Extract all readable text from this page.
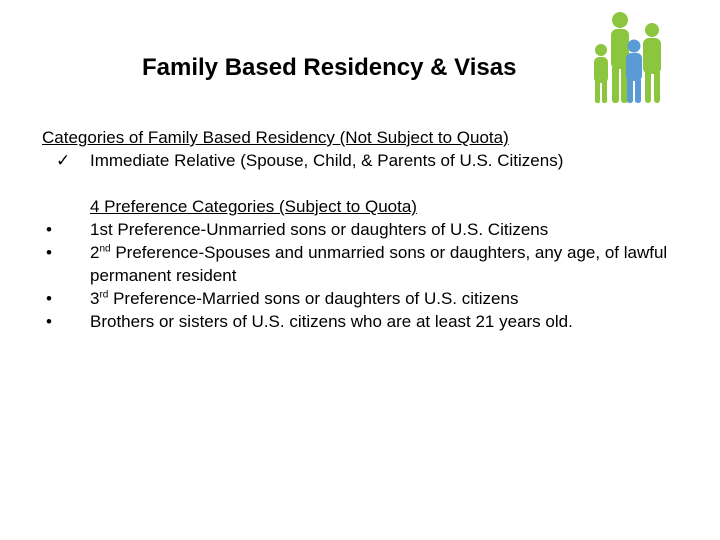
Family Based Residency & Visas

Categories of Family Based Residency (Not Subject to Quota)

✓	Immediate Relative (Spouse, Child, & Parents of U.S. Citizens)
4 Preference Categories (Subject to Quota)
•	1st Preference-Unmarried sons or daughters of U.S. Citizens
•	2nd Preference-Spouses and unmarried sons or daughters, any age, of lawful permanent resident
•	3rd Preference-Married sons or daughters of U.S. citizens
•	Brothers or sisters of U.S. citizens who are at least 21 years old.
